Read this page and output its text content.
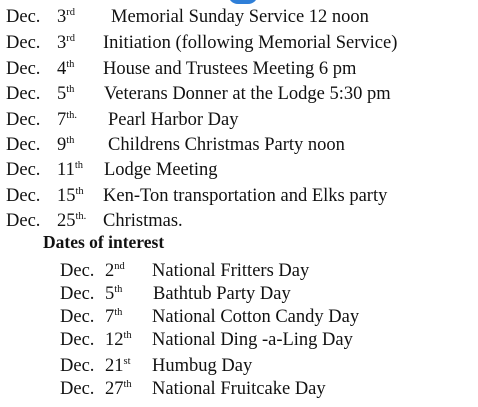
Dec. 3rd Memorial Sunday Service 12 noon
Dec. 3rd Initiation (following Memorial Service)
Dec. 4th House and Trustees Meeting 6 pm
Dec. 5th Veterans Donner at the Lodge 5:30 pm
Dec. $7^{th.}$ Pearl Harbor Day
Dec. 9th Childrens Christmas Party noon
Dec. 11th Lodge Meeting
Dec. 15th Ken-Ton transportation and Elks party
Dec. $25^{th.}$ Christmas.
Dates of interest
Dec. 2nd National Fritters Day
Dec. 5th Bathtub Party Day
Dec. 7th National Cotton Candy Day
Dec. 12th National Ding -a-Ling Day
Dec. 21st Humbug Day
Dec. 27th National Fruitcake Day
